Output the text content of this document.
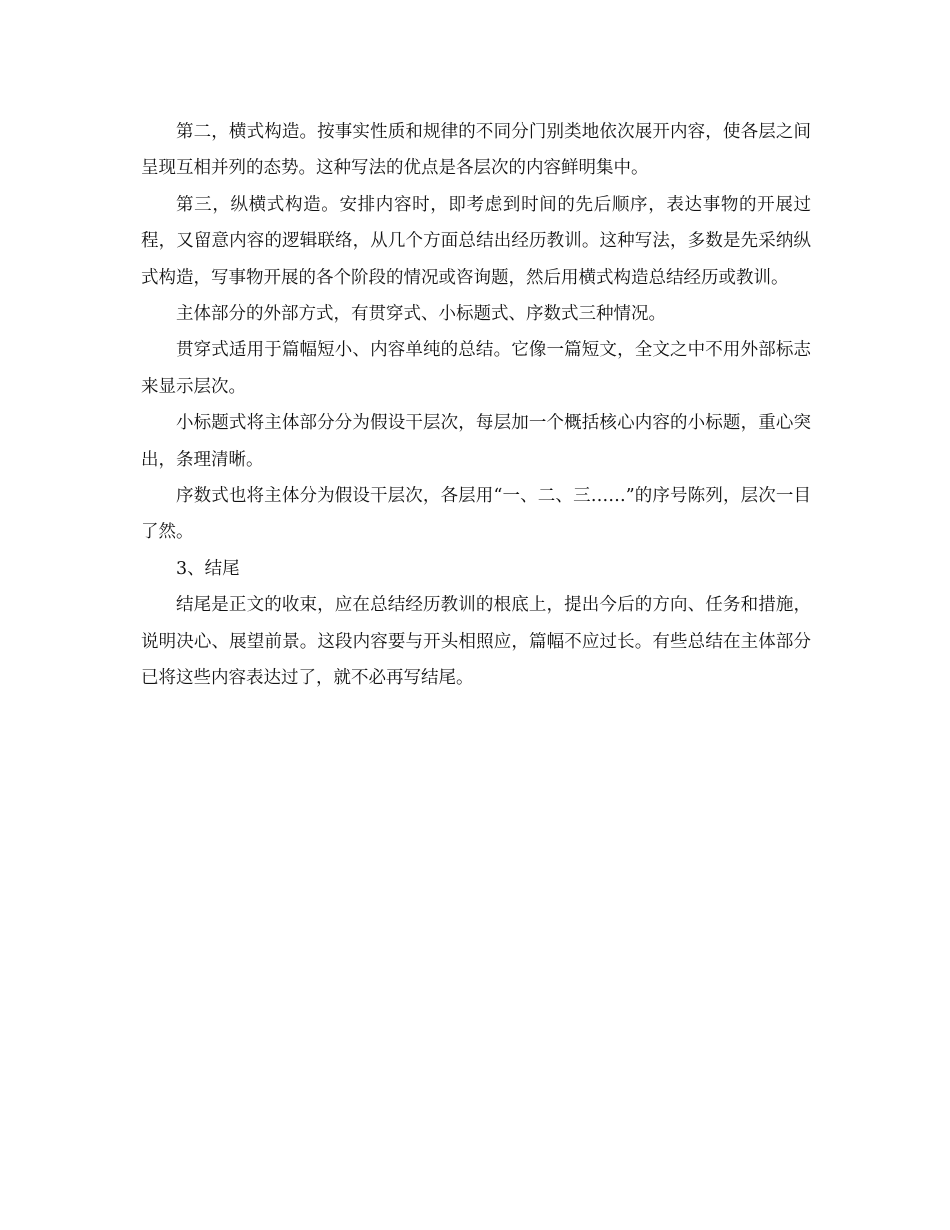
第二，横式构造。按事实性质和规律的不同分门别类地依次展开内容，使各层之间呈现互相并列的态势。这种写法的优点是各层次的内容鲜明集中。

第三，纵横式构造。安排内容时，即考虑到时间的先后顺序，表达事物的开展过程，又留意内容的逻辑联络，从几个方面总结出经历教训。这种写法，多数是先采纳纵式构造，写事物开展的各个阶段的情况或咨询题，然后用横式构造总结经历或教训。

主体部分的外部方式，有贯穿式、小标题式、序数式三种情况。

贯穿式适用于篇幅短小、内容单纯的总结。它像一篇短文，全文之中不用外部标志来显示层次。

小标题式将主体部分分为假设干层次，每层加一个概括核心内容的小标题，重心突出，条理清晰。

序数式也将主体分为假设干层次，各层用“一、二、三……”的序号陈列，层次一目了然。

3、结尾

结尾是正文的收束，应在总结经历教训的根底上，提出今后的方向、任务和措施，说明决心、展望前景。这段内容要与开头相照应，篇幅不应过长。有些总结在主体部分已将这些内容表达过了，就不必再写结尾。
